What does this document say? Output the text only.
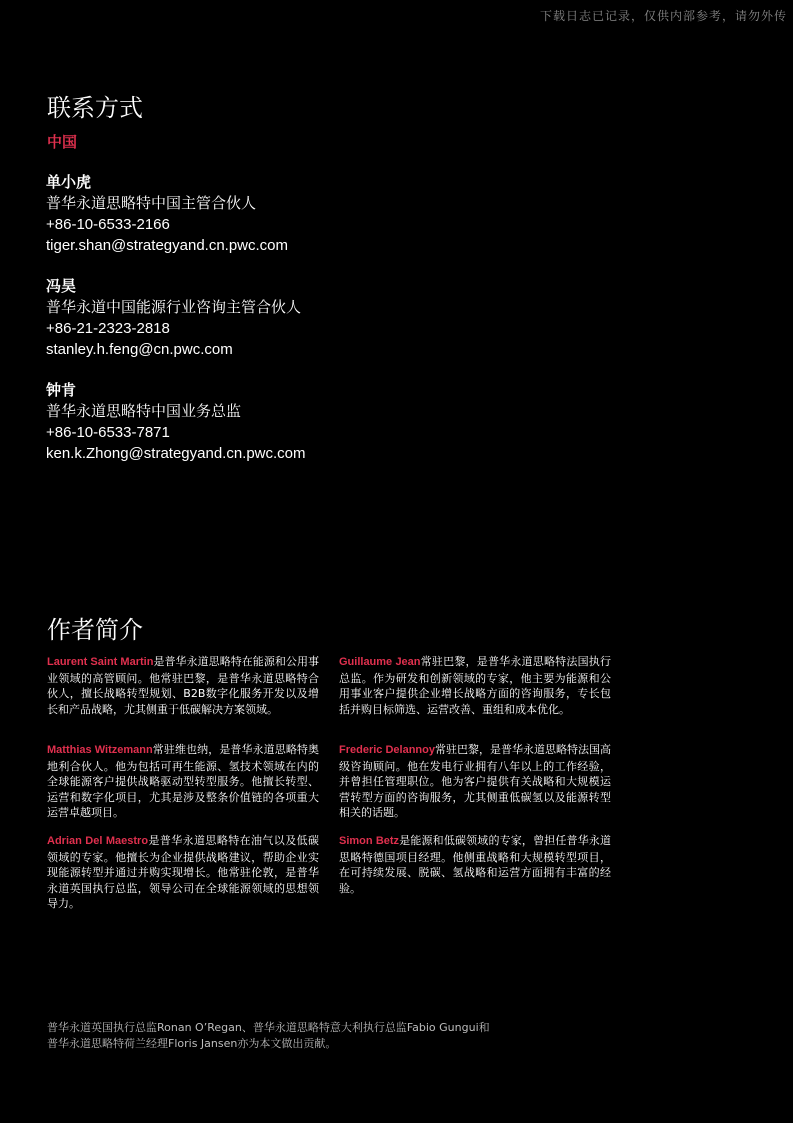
下载日志已记录，仅供内部参考，请勿外传
联系方式
中国
单小虎
普华永道思略特中国主管合伙人
+86-10-6533-2166
tiger.shan@strategyand.cn.pwc.com
冯昊
普华永道中国能源行业咨询主管合伙人
+86-21-2323-2818
stanley.h.feng@cn.pwc.com
钟肯
普华永道思略特中国业务总监
+86-10-6533-7871
ken.k.Zhong@strategyand.cn.pwc.com
作者简介
Laurent Saint Martin是普华永道思略特在能源和公用事业领域的高管顾问。他常驻巴黎，是普华永道思略特合伙人，擅长战略转型规划、B2B数字化服务开发以及增长和产品战略，尤其侧重于低碳解决方案领域。
Matthias Witzemann常驻维也纳，是普华永道思略特奥地利合伙人。他为包括可再生能源、氢技术领域在内的全球能源客户提供战略驱动型转型服务。他擅长转型、运营和数字化项目，尤其是涉及整条价值链的各项重大运营卓越项目。
Adrian Del Maestro是普华永道思略特在油气以及低碳领域的专家。他擅长为企业提供战略建议，帮助企业实现能源转型并通过并购实现增长。他常驻伦敦，是普华永道英国执行总监，领导公司在全球能源领域的思想领导力。
Guillaume Jean常驻巴黎，是普华永道思略特法国执行总监。作为研发和创新领域的专家，他主要为能源和公用事业客户提供企业增长战略方面的咨询服务，专长包括并购目标筛选、运营改善、重组和成本优化。
Frederic Delannoy常驻巴黎，是普华永道思略特法国高级咨询顾问。他在发电行业拥有八年以上的工作经验，并曾担任管理职位。他为客户提供有关战略和大规模运营转型方面的咨询服务，尤其侧重低碳氢以及能源转型相关的话题。
Simon Betz是能源和低碳领域的专家，曾担任普华永道思略特德国项目经理。他侧重战略和大规模转型项目，在可持续发展、脱碳、氢战略和运营方面拥有丰富的经验。
普华永道英国执行总监Ronan O’Regan、普华永道思略特意大利执行总监Fabio Gungui和
普华永道思略特荷兰经理Floris Jansen亦为本文做出贡献。
